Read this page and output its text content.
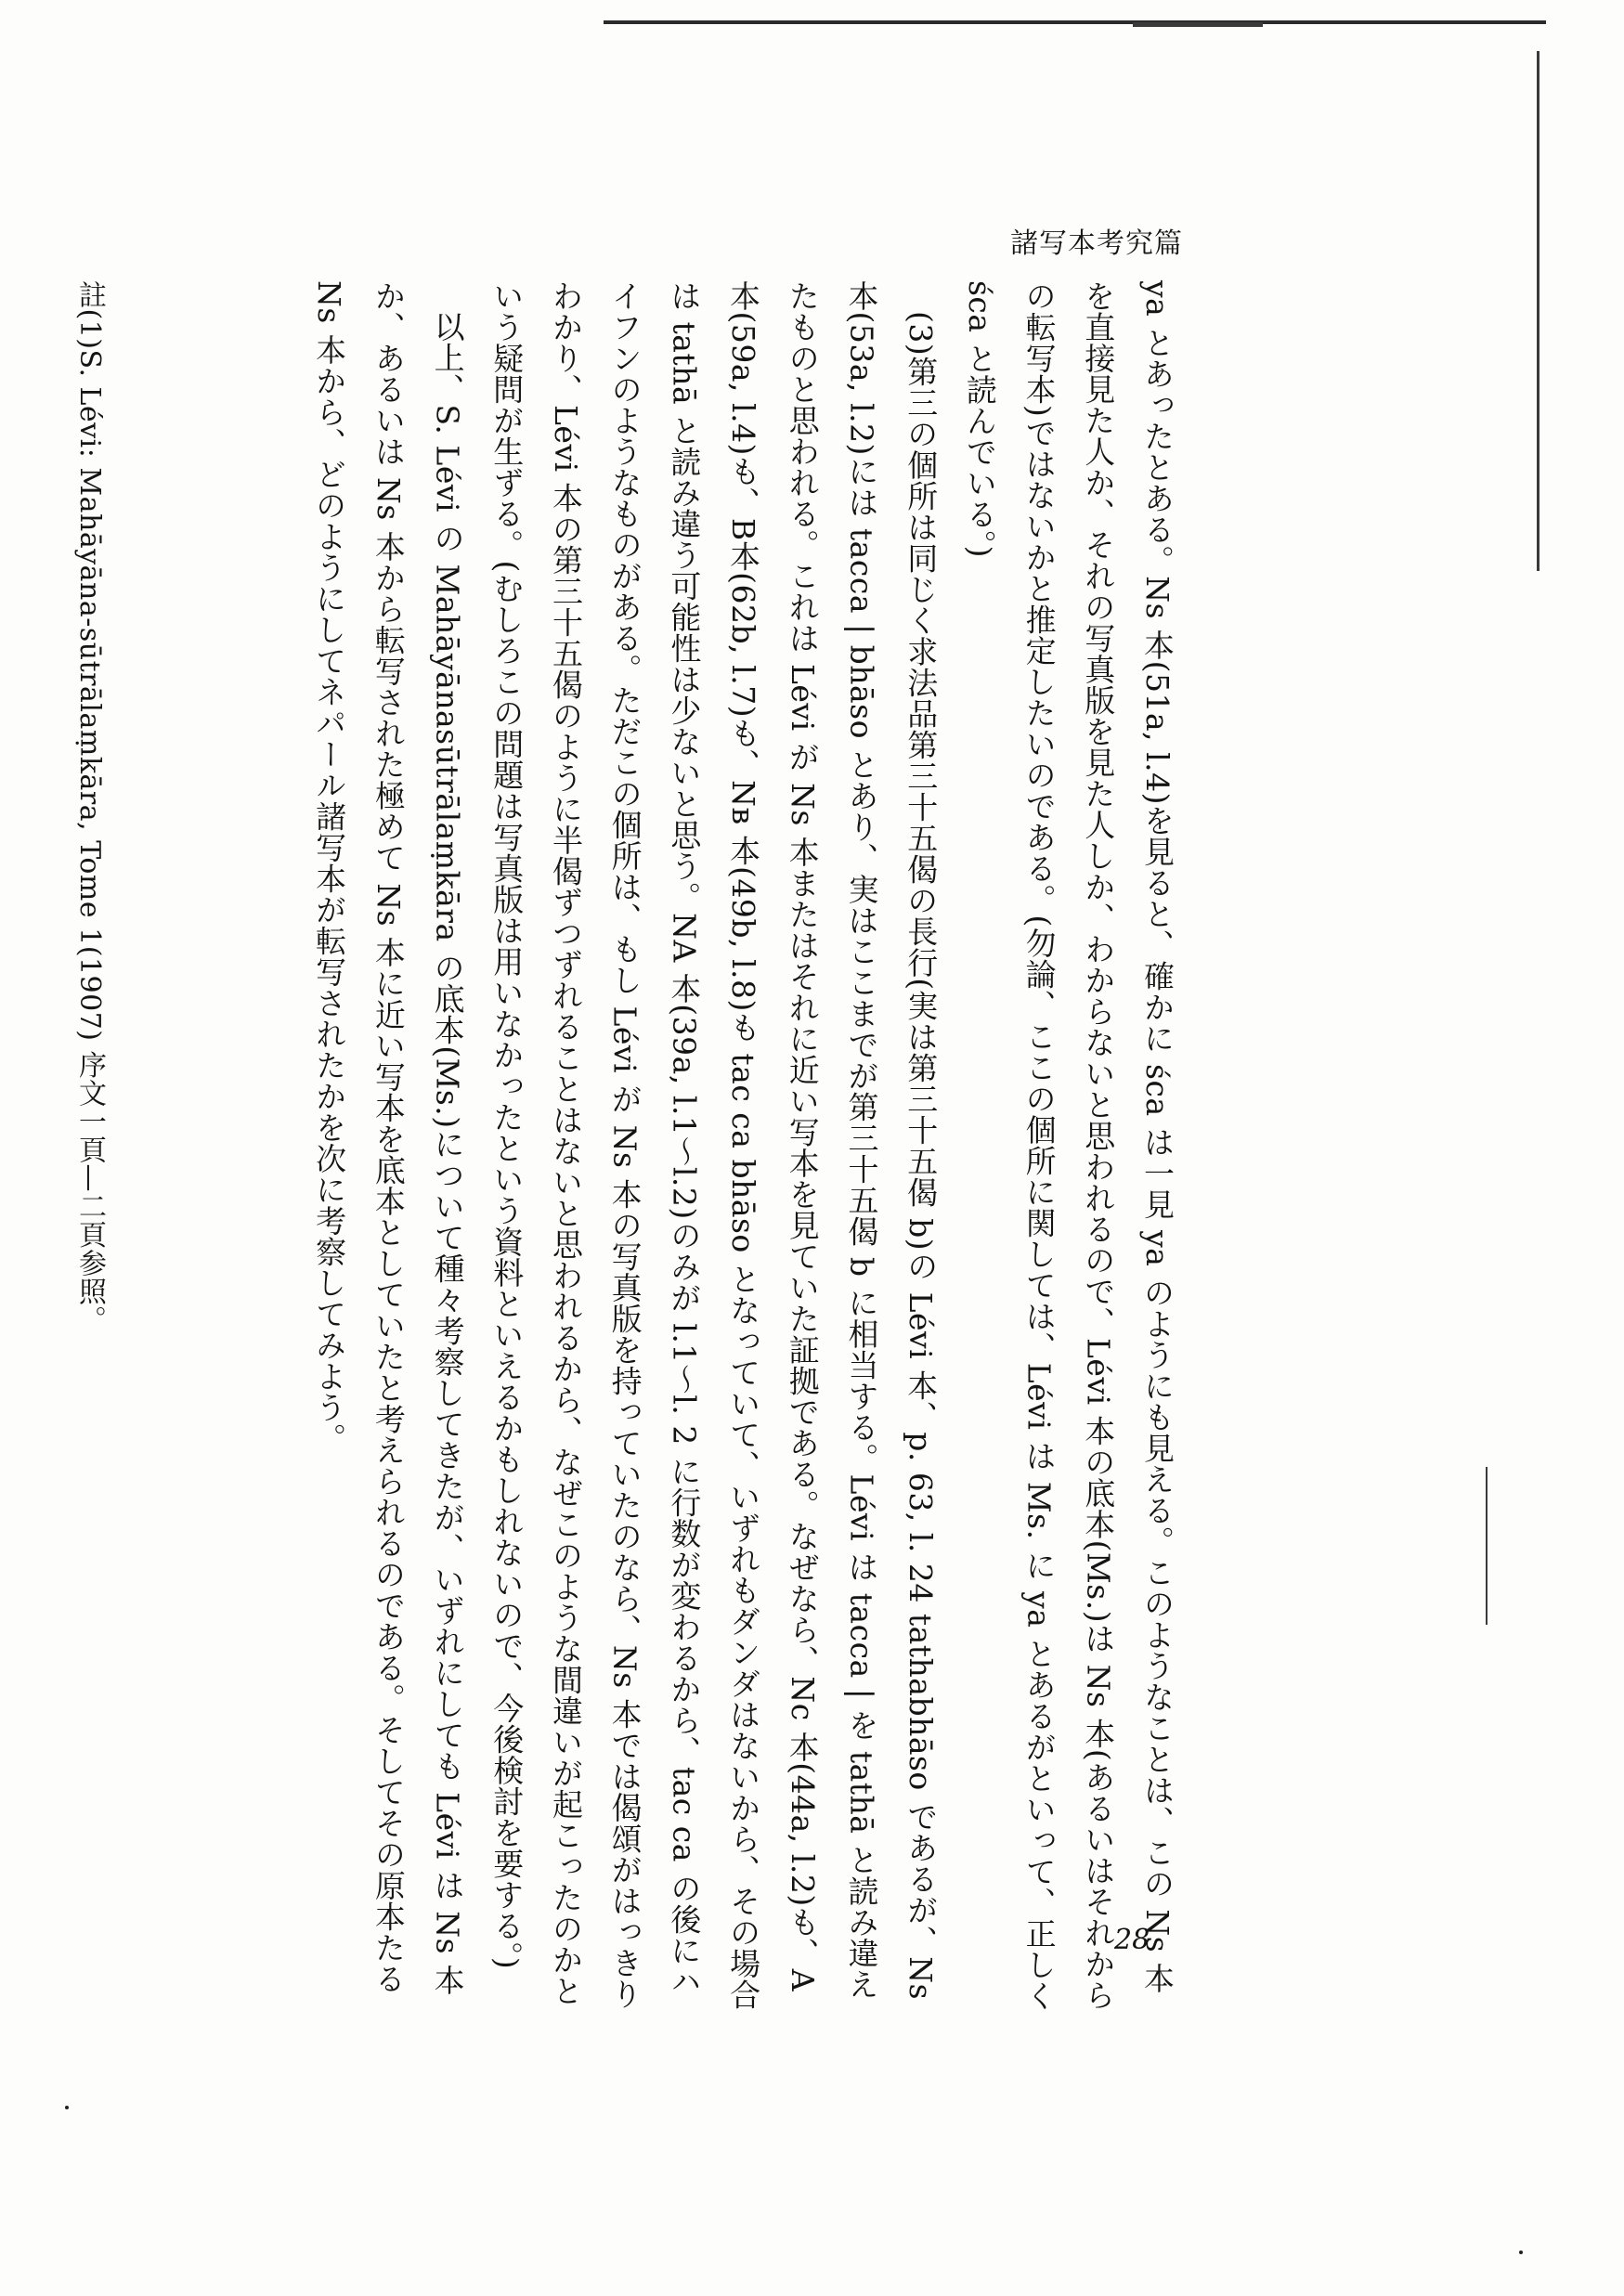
諸写本考究篇

ya とあったとある。Ns 本(51a, l.4)を見ると、確かに śca は一見 ya のようにも見える。このようなことは、この Ns 本を直接見た人か、それの写真版を見た人しか、わからないと思われるので、Lévi 本の底本(Ms.)は Ns 本(あるいはそれからの転写本)ではないかと推定したいのである。(勿論、ここの個所に関しては、Lévi は Ms. に ya とあるがといって、正しく śca と読んでいる。)

(3)第三の個所は同じく求法品第三十五偈の長行(実は第三十五偈 b)の Lévi 本、p. 63, l. 24 tathabhāso であるが、Ns 本(53a, l.2)には tacca | bhāso とあり、実はここまでが第三十五偈 b に相当する。Lévi は tacca | を tathā と読み違えたものと思われる。これは Lévi が Ns 本またはそれに近い写本を見ていた証拠である。なぜなら、Nc 本(44a, l.2)も、A本(59a, l.4)も、B本(62b, l.7)も、Nв 本(49b, l.8)も tac ca bhāso となっていて、いずれもダンダはないから、その場合は tathā と読み違う可能性は少ないと思う。NA 本(39a, l.1〜l.2)のみが l.1〜l. 2 に行数が変わるから、tac ca の後にハイフンのようなものがある。ただこの個所は、もし Lévi が Ns 本の写真版を持っていたのなら、Ns 本では偈頌がはっきりわかり、Lévi 本の第三十五偈のように半偈ずつずれることはないと思われるから、なぜこのような間違いが起こったのかという疑問が生ずる。(むしろこの問題は写真版は用いなかったという資料といえるかもしれないので、今後検討を要する。)

以上、S. Lévi の Mahāyānasūtrālaṃkāra の底本(Ms.)について種々考察してきたが、いずれにしても Lévi は Ns 本か、あるいは Ns 本から転写された極めて Ns 本に近い写本を底本としていたと考えられるのである。そしてその原本たる Ns 本から、どのようにしてネパール諸写本が転写されたかを次に考察してみよう。

註(1)S. Lévi: Mahāyāna-sūtrālaṃkāra, Tome 1(1907) 序文一頁—二頁参照。
28
